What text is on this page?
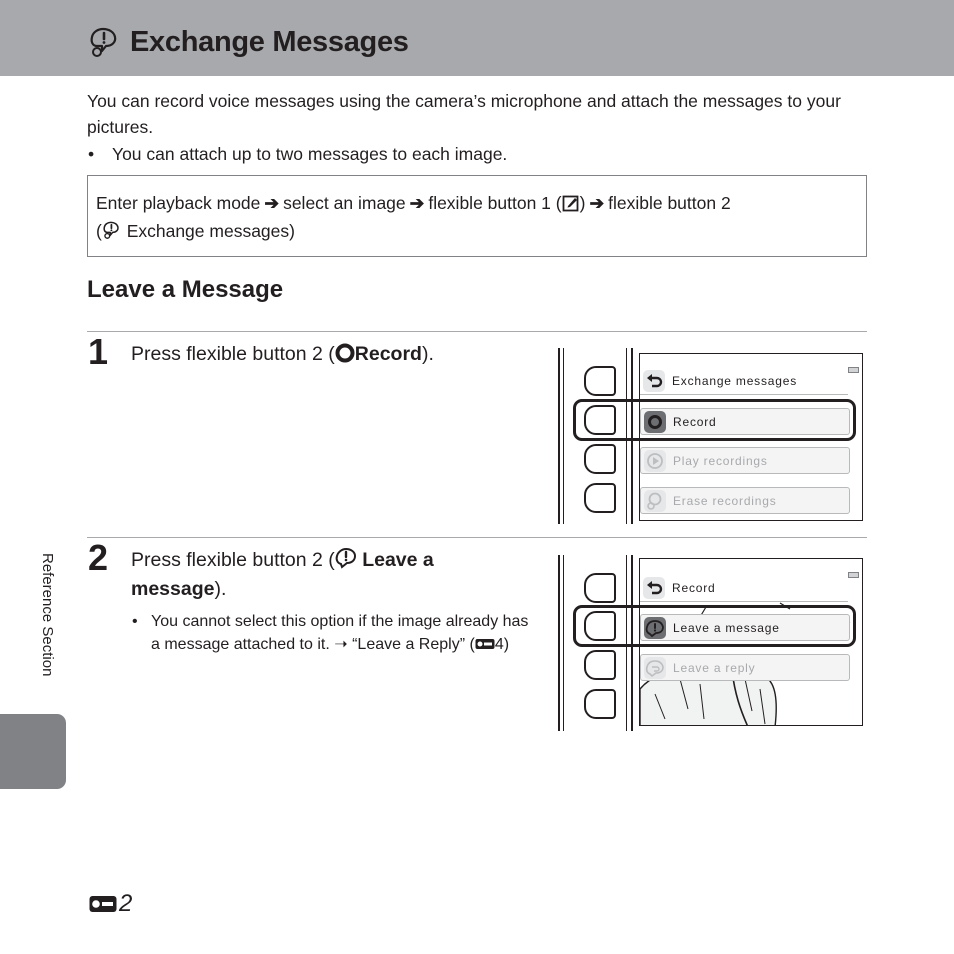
Exchange Messages

You can record voice messages using the camera’s microphone and attach the messages to your pictures.

•	You can attach up to two messages to each image.
Enter playback mode ➔ select an image ➔ flexible button 1 ( ) ➔ flexible button 2
( Exchange messages)
Leave a Message
1 Press flexible button 2 ( Record).
Exchange messages
Record
Play recordings
Erase recordings
2 Press flexible button 2 ( Leave a
message).
• You cannot select this option if the image already has a message attached to it. ➝ “Leave a Reply” ( 4)
Record
Leave a message
Leave a reply
Reference Section
2
